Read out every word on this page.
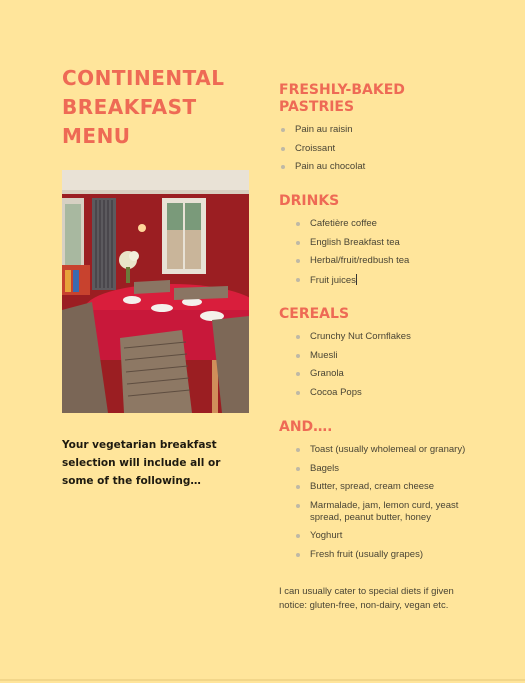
CONTINENTAL
BREAKFAST
MENU
Your vegetarian breakfast selection will include all or some of the following…
FRESHLY-BAKED
PASTRIES
Pain au raisin
Croissant
Pain au chocolat
DRINKS
Cafetière coffee
English Breakfast tea
Herbal/fruit/redbush tea
Fruit juices
CEREALS
Crunchy Nut Cornflakes
Muesli
Granola
Cocoa Pops
AND….
Toast (usually wholemeal or granary)
Bagels
Butter, spread, cream cheese
Marmalade, jam, lemon curd, yeast spread, peanut butter, honey
Yoghurt
Fresh fruit (usually grapes)
I can usually cater to special diets if given notice: gluten-free, non-dairy, vegan etc.
